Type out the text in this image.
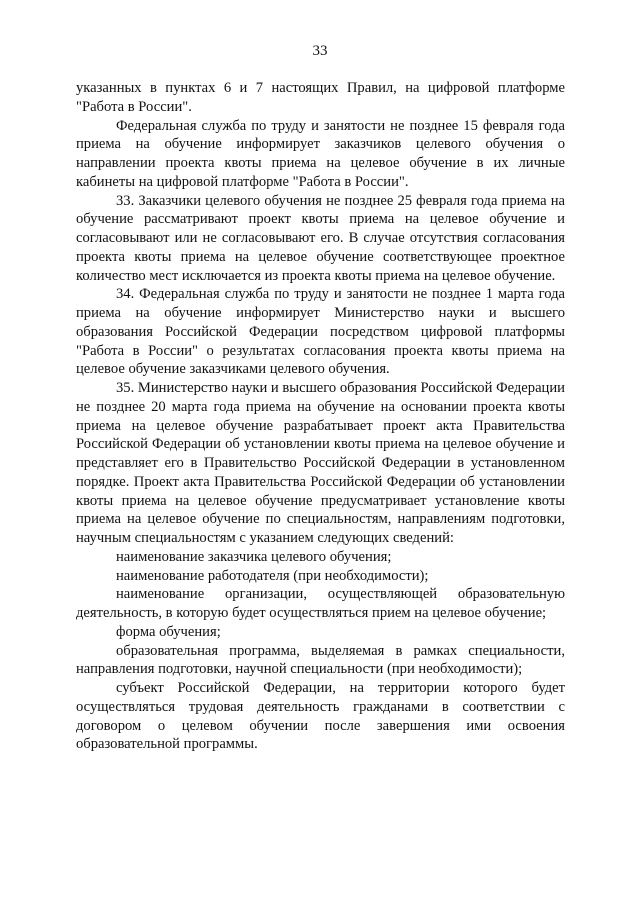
33

указанных в пунктах 6 и 7 настоящих Правил, на цифровой платформе "Работа в России".

Федеральная служба по труду и занятости не позднее 15 февраля года приема на обучение информирует заказчиков целевого обучения о направлении проекта квоты приема на целевое обучение в их личные кабинеты на цифровой платформе "Работа в России".

33. Заказчики целевого обучения не позднее 25 февраля года приема на обучение рассматривают проект квоты приема на целевое обучение и согласовывают или не согласовывают его. В случае отсутствия согласования проекта квоты приема на целевое обучение соответствующее проектное количество мест исключается из проекта квоты приема на целевое обучение.

34. Федеральная служба по труду и занятости не позднее 1 марта года приема на обучение информирует Министерство науки и высшего образования Российской Федерации посредством цифровой платформы "Работа в России" о результатах согласования проекта квоты приема на целевое обучение заказчиками целевого обучения.

35. Министерство науки и высшего образования Российской Федерации не позднее 20 марта года приема на обучение на основании проекта квоты приема на целевое обучение разрабатывает проект акта Правительства Российской Федерации об установлении квоты приема на целевое обучение и представляет его в Правительство Российской Федерации в установленном порядке. Проект акта Правительства Российской Федерации об установлении квоты приема на целевое обучение предусматривает установление квоты приема на целевое обучение по специальностям, направлениям подготовки, научным специальностям с указанием следующих сведений:

наименование заказчика целевого обучения;

наименование работодателя (при необходимости);

наименование организации, осуществляющей образовательную деятельность, в которую будет осуществляться прием на целевое обучение;

форма обучения;

образовательная программа, выделяемая в рамках специальности, направления подготовки, научной специальности (при необходимости);

субъект Российской Федерации, на территории которого будет осуществляться трудовая деятельность гражданами в соответствии с договором о целевом обучении после завершения ими освоения образовательной программы.
